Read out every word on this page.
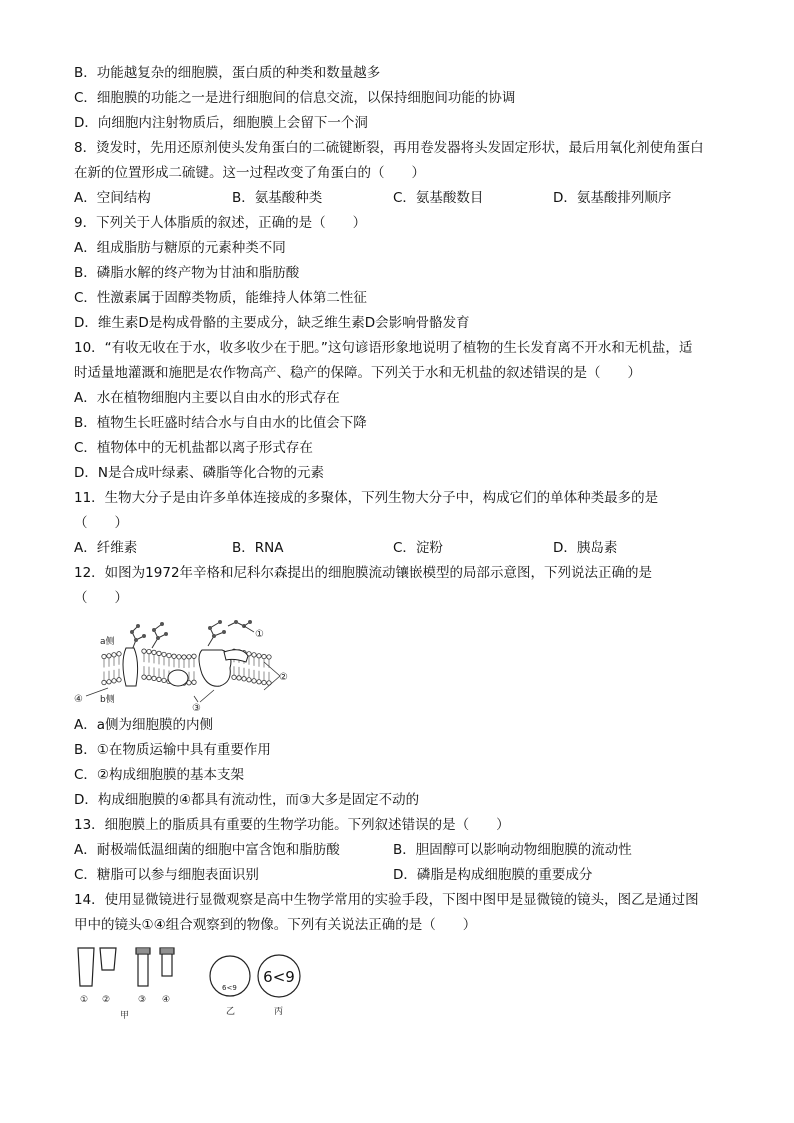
B．功能越复杂的细胞膜，蛋白质的种类和数量越多
C．细胞膜的功能之一是进行细胞间的信息交流，以保持细胞间功能的协调
D．向细胞内注射物质后，细胞膜上会留下一个洞
8．烫发时，先用还原剂使头发角蛋白的二硫键断裂，再用卷发器将头发固定形状，最后用氧化剂使角蛋白
在新的位置形成二硫键。这一过程改变了角蛋白的（　　）
A．空间结构	B．氨基酸种类	C．氨基酸数目	D．氨基酸排列顺序
9．下列关于人体脂质的叙述，正确的是（　　）
A．组成脂肪与糖原的元素种类不同
B．磷脂水解的终产物为甘油和脂肪酸
C．性激素属于固醇类物质，能维持人体第二性征
D．维生素D是构成骨骼的主要成分，缺乏维生素D会影响骨骼发育
10．“有收无收在于水，收多收少在于肥。”这句谚语形象地说明了植物的生长发育离不开水和无机盐，适
时适量地灌溉和施肥是农作物高产、稳产的保障。下列关于水和无机盐的叙述错误的是（　　）
A．水在植物细胞内主要以自由水的形式存在
B．植物生长旺盛时结合水与自由水的比值会下降
C．植物体中的无机盐都以离子形式存在
D．N是合成叶绿素、磷脂等化合物的元素
11．生物大分子是由许多单体连接成的多聚体，下列生物大分子中，构成它们的单体种类最多的是
（　　）
A．纤维素	B．RNA	C．淀粉	D．胰岛素
12．如图为1972年辛格和尼科尔森提出的细胞膜流动镶嵌模型的局部示意图，下列说法正确的是
（　　）
a侧
b侧
①
②
③
④
A．a侧为细胞膜的内侧
B．①在物质运输中具有重要作用
C．②构成细胞膜的基本支架
D．构成细胞膜的④都具有流动性，而③大多是固定不动的
13．细胞膜上的脂质具有重要的生物学功能。下列叙述错误的是（　　）
A．耐极端低温细菌的细胞中富含饱和脂肪酸	B．胆固醇可以影响动物细胞膜的流动性
C．糖脂可以参与细胞表面识别	D．磷脂是构成细胞膜的重要成分
14．使用显微镜进行显微观察是高中生物学常用的实验手段，下图中图甲是显微镜的镜头，图乙是通过图
甲中的镜头①④组合观察到的物像。下列有关说法正确的是（　　）
① ②	③ ④
甲
6<9
乙
6<9
丙
